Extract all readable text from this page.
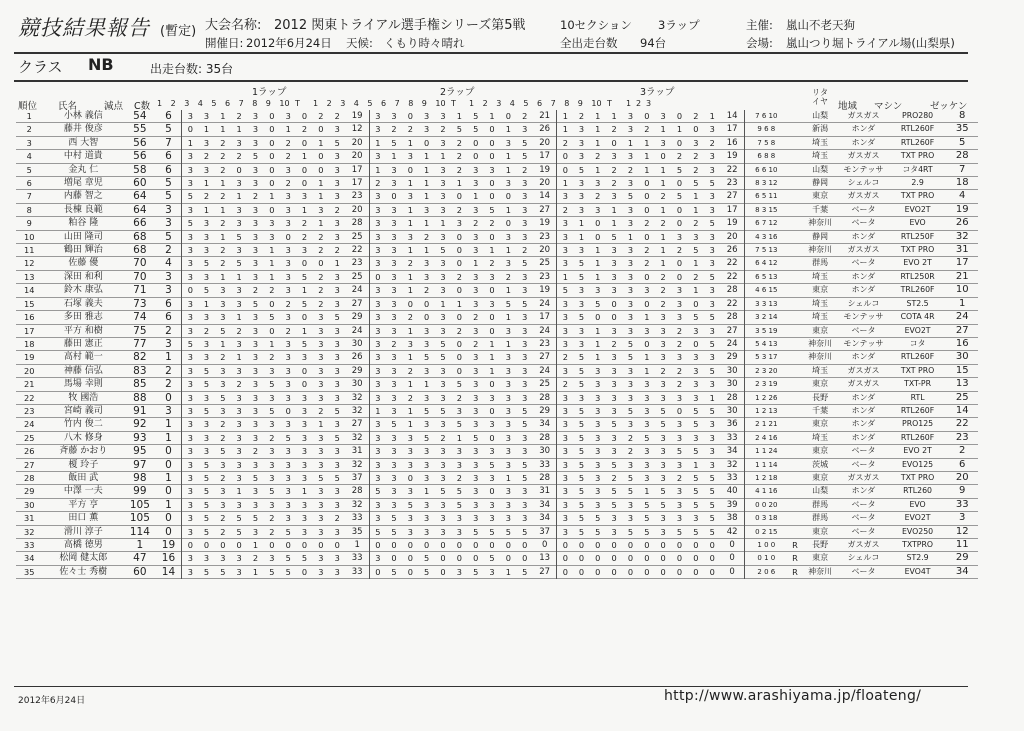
競技結果報告 (暫定) 大会名称: 2012 関東トライアル選手権シリーズ第5戦	10セクション 3ラップ	主催: 嵐山不老天狗
開催日: 2012年6月24日 天候: くもり時々晴れ	全出走台数 94台	会場: 嵐山つり堀トライアル場(山梨県)
クラス NB	出走台数: 35台
1ラップ	2ラップ	3ラップ
順位 氏名	減点 C数
リタイヤ 地域 マシン	ゼッケン
1 2 3 4 5 6 7 8 9 10 T 1 2 3 4 5 6 7 8 9 10 T 1 2 3 4 5 6 7 8 9 10 T 1 2 3
1	小林 義信	54	6	3	3	1	2	3	0	3	0	2	2	19	3	3	0	3	3	1	5	1	0	2	21	1	2	1	1	3	0	3	0	2	1	14	7 6 10		山梨	ガスガス	PRO280	8
2	藤井 俊彦	55	5	0	1	1	1	3	0	1	2	0	3	12	3	2	2	3	2	5	5	0	1	3	26	1	3	1	2	3	2	1	1	0	3	17	9 6 8		新潟	ホンダ	RTL260F	35
3	西 大智	56	7	1	3	2	3	3	0	2	0	1	5	20	1	5	1	0	3	2	0	0	3	5	20	2	3	1	0	1	1	3	0	3	2	16	7 5 8		埼玉	ホンダ	RTL260F	5
4	中村 道貴	56	6	3	2	2	2	5	0	2	1	0	3	20	3	1	3	1	1	2	0	0	1	5	17	0	3	2	3	3	1	0	2	2	3	19	6 8 8		埼玉	ガスガス	TXT PRO	28
5	金丸 仁	58	6	3	3	2	0	3	0	3	0	0	3	17	1	3	0	1	3	2	3	3	1	2	19	0	5	1	2	2	1	1	5	2	3	22	6 6 10		山梨	モンテッサ	コタ4RT	7
6	増尾 章児	60	5	3	1	1	3	3	0	2	0	1	3	17	2	3	1	1	3	1	3	0	3	3	20	1	3	3	2	3	0	1	0	5	5	23	8 3 12		静岡	シェルコ	2.9	18
7	内藤 智之	64	5	5	2	2	1	2	1	3	3	1	3	23	3	0	3	1	3	0	1	0	0	3	14	3	3	2	3	5	0	2	5	1	3	27	6 5 11		東京	ガスガス	TXT PRO	4
8	長棟 良範	64	3	3	1	1	3	3	0	3	1	3	2	20	3	3	1	3	3	2	3	5	1	3	27	2	3	3	1	3	0	1	0	1	3	17	8 3 15		千葉	ベータ	EVO2T	19
9	粕谷 隆	66	3	5	3	2	3	3	3	3	2	1	3	28	3	3	1	1	1	3	2	2	0	3	19	3	1	0	1	3	2	2	0	2	5	19	6 7 12		神奈川	ベータ	EVO	26
10	山田 隆司	68	5	3	3	1	5	3	3	0	2	2	3	25	3	3	3	2	3	0	3	0	3	3	23	3	1	0	5	1	0	1	3	3	3	20	4 3 16		静岡	ホンダ	RTL250F	32
11	鶴田 輝治	68	2	3	3	2	3	3	1	3	3	2	2	22	3	3	1	1	5	0	3	1	1	2	20	3	3	1	3	3	2	1	2	5	3	26	7 5 13		神奈川	ガスガス	TXT PRO	31
12	佐藤 優	70	4	3	5	2	5	3	1	3	0	0	1	23	3	3	2	3	3	0	1	2	3	5	25	3	5	1	3	3	2	1	0	1	3	22	6 4 12		群馬	ベータ	EVO 2T	17
13	深田 和利	70	3	3	3	1	1	3	1	3	5	2	3	25	0	3	1	3	3	2	3	3	2	3	23	1	5	1	3	3	0	2	0	2	5	22	6 5 13		埼玉	ホンダ	RTL250R	21
14	鈴木 康弘	71	3	0	5	3	3	2	2	3	1	2	3	24	3	3	1	2	3	0	3	0	1	3	19	5	3	3	3	3	3	2	3	1	3	28	4 6 15		東京	ホンダ	TRL260F	10
15	石塚 義夫	73	6	3	1	3	3	5	0	2	5	2	3	27	3	3	0	0	1	1	3	3	5	5	24	3	3	5	0	3	0	2	3	0	3	22	3 3 13		埼玉	シェルコ	ST2.5	1
16	多田 雅志	74	6	3	3	3	1	3	5	3	0	3	5	29	3	3	2	0	3	0	2	0	1	3	17	3	5	0	0	3	1	3	3	5	5	28	3 2 14		埼玉	モンテッサ	COTA 4R	24
17	平方 和樹	75	2	3	2	5	2	3	0	2	1	3	3	24	3	3	1	3	3	2	3	0	3	3	24	3	3	1	3	3	3	3	2	3	3	27	3 5 19		東京	ベータ	EVO2T	27
18	藤田 憲正	77	3	5	3	1	3	3	1	3	5	3	3	30	3	2	3	3	5	0	2	1	1	3	23	3	3	1	2	5	0	3	2	0	5	24	5 4 13		神奈川	モンテッサ	コタ	16
19	高村 範一	82	1	3	3	2	1	3	2	3	3	3	3	26	3	3	1	5	5	0	3	1	3	3	27	2	5	1	3	5	1	3	3	3	3	29	5 3 17		神奈川	ホンダ	RTL260F	30
20	神藤 信弘	83	2	3	5	3	3	3	3	3	0	3	3	29	3	3	2	3	3	0	3	1	3	3	24	3	5	3	3	3	1	2	2	3	5	30	2 3 20		埼玉	ガスガス	TXT PRO	15
21	馬場 幸則	85	2	3	5	3	2	3	5	3	0	3	3	30	3	3	1	1	3	5	3	0	3	3	25	2	5	3	3	3	3	3	2	3	3	30	2 3 19		東京	ガスガス	TXT-PR	13
22	牧 國浩	88	0	3	3	5	3	3	3	3	3	3	3	32	3	3	2	3	3	2	3	3	3	3	28	3	3	3	3	3	3	3	3	3	1	28	1 2 26		長野	ホンダ	RTL	25
23	宮崎 義司	91	3	3	5	3	3	3	5	0	3	2	5	32	1	3	1	5	5	3	3	0	3	5	29	3	5	3	3	5	3	5	0	5	5	30	1 2 13		千葉	ホンダ	RTL260F	14
24	竹内 俊二	92	1	3	3	2	3	3	3	3	3	1	3	27	3	5	1	3	3	5	3	3	3	5	34	3	5	3	5	3	3	5	3	5	3	36	2 1 21		東京	ホンダ	PRO125	22
25	八木 修身	93	1	3	3	2	3	3	2	5	3	3	5	32	3	3	3	5	2	1	5	0	3	3	28	3	5	3	3	2	5	3	3	3	3	33	2 4 16		埼玉	ホンダ	RTL260F	23
26	斉藤 かおり	95	0	3	3	5	3	2	3	3	3	3	3	31	3	3	3	3	3	3	3	3	3	3	30	3	5	3	3	2	3	3	5	5	3	34	1 1 24		東京	ベータ	EVO 2T	2
27	榎 玲子	97	0	3	5	3	3	3	3	3	3	3	3	32	3	3	3	3	3	3	3	5	3	5	33	3	5	3	5	3	3	3	3	1	3	32	1 1 14		茨城	ベータ	EVO125	6
28	飯田 武	98	1	3	5	2	3	5	3	3	3	5	5	37	3	3	0	3	3	2	3	3	1	5	28	3	5	3	2	5	3	3	2	5	5	33	1 2 18		東京	ガスガス	TXT PRO	20
29	中澤 一夫	99	0	3	5	3	1	3	5	3	1	3	3	28	5	3	3	1	5	5	3	0	3	3	31	3	5	3	5	5	1	5	3	5	5	40	4 1 16		山梨	ホンダ	RTL260	9
30	平方 亨	105	1	3	5	3	3	3	3	3	3	3	3	32	3	3	5	3	3	5	3	3	3	3	34	3	5	3	5	3	5	5	3	5	5	39	0 0 20		群馬	ベータ	EVO	33
31	田口 薫	105	0	3	5	2	5	5	2	3	3	3	2	33	3	5	3	3	3	3	3	3	3	3	34	3	5	5	3	3	5	3	3	3	5	38	0 3 18		群馬	ベータ	EVO2T	3
32	滑川 淳子	114	0	3	5	2	5	3	2	5	3	3	3	35	5	5	3	3	3	3	5	5	5	5	37	3	5	5	3	5	5	3	5	5	5	42	0 2 15		東京	ベータ	EVO250	12
33	高橋 徳男	1	19	0	0	0	0	1	0	0	0	0	0	1	0	0	0	0	0	0	0	0	0	0	0	0	0	0	0	0	0	0	0	0	0	0	1 0 0	R	長野	ガスガス	TXTPRO	11
34	松岡 健太郎	47	16	3	3	3	3	2	3	5	5	3	3	33	3	0	0	5	0	0	0	5	0	0	13	0	0	0	0	0	0	0	0	0	0	0	0 1 0	R	東京	シェルコ	ST2.9	29
35	佐々士 秀樹	60	14	3	5	5	3	1	5	5	0	3	3	33	0	5	0	5	0	3	5	3	1	5	27	0	0	0	0	0	0	0	0	0	0	0	2 0 6	R	神奈川	ベータ	EVO4T	34
2012年6月24日	http://www.arashiyama.jp/floateng/
